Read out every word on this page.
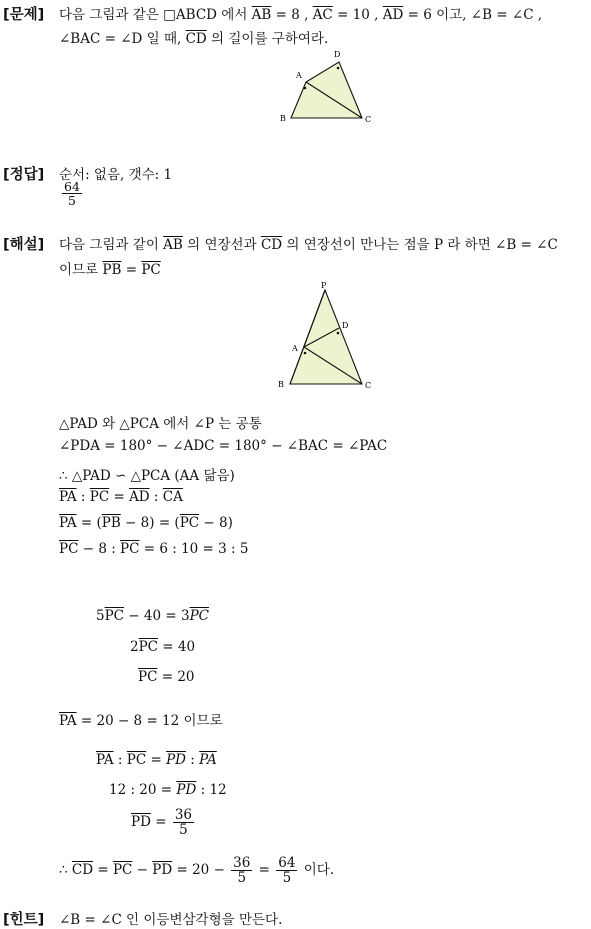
[문제] 다음 그림과 같은 □ABCD 에서 $\overline{AB} = 8$ , $\overline{AC} = 10$ , $\overline{AD} = 6$ 이고, ∠B = ∠C ,
∠BAC = ∠D 일 때, $\overline{CD}$ 의 길이를 구하여라.
B	C
A
D
[정답] 순서: 없음, 갯수: 1
$\frac{64}{5}$
[해설] 다음 그림과 같이 $\overline{AB}$ 의 연장선과 $\overline{CD}$ 의 연장선이 만나는 점을 P 라 하면 ∠B = ∠C
이므로 $\overline{PB} = \overline{PC}$
P
D
A
B	C
△PAD 와 △PCA 에서 ∠P 는 공통
∠PDA = 180° − ∠ADC = 180° − ∠BAC = ∠PAC
∴ △PAD ∽ △PCA (AA 닮음)
$\overline{PA}$ : $\overline{PC} = \overline{AD}$ : $\overline{CA}$
$\overline{PA} = (\overline{PB} - 8) = (\overline{PC} - 8)$
$\overline{PC} - 8$ : $\overline{PC} = 6$ : 10 = 3 : 5
$5\overline{PC} - 40 = 3\overline{PC}$
$2\overline{PC} = 40$
$\overline{PC} = 20$
$\overline{PA} = 20 - 8 = 12$ 이므로
$\overline{PA}$ : $\overline{PC} = \overline{PD}$ : $\overline{PA}$
12 : $20 = \overline{PD}$ : 12
$\overline{PD} = \frac{36}{5}$
∴ $\overline{CD} = \overline{PC} - \overline{PD} = 20 - \frac{36}{5} = \frac{64}{5}$ 이다.
[힌트] ∠B = ∠C 인 이등변삼각형을 만든다.
